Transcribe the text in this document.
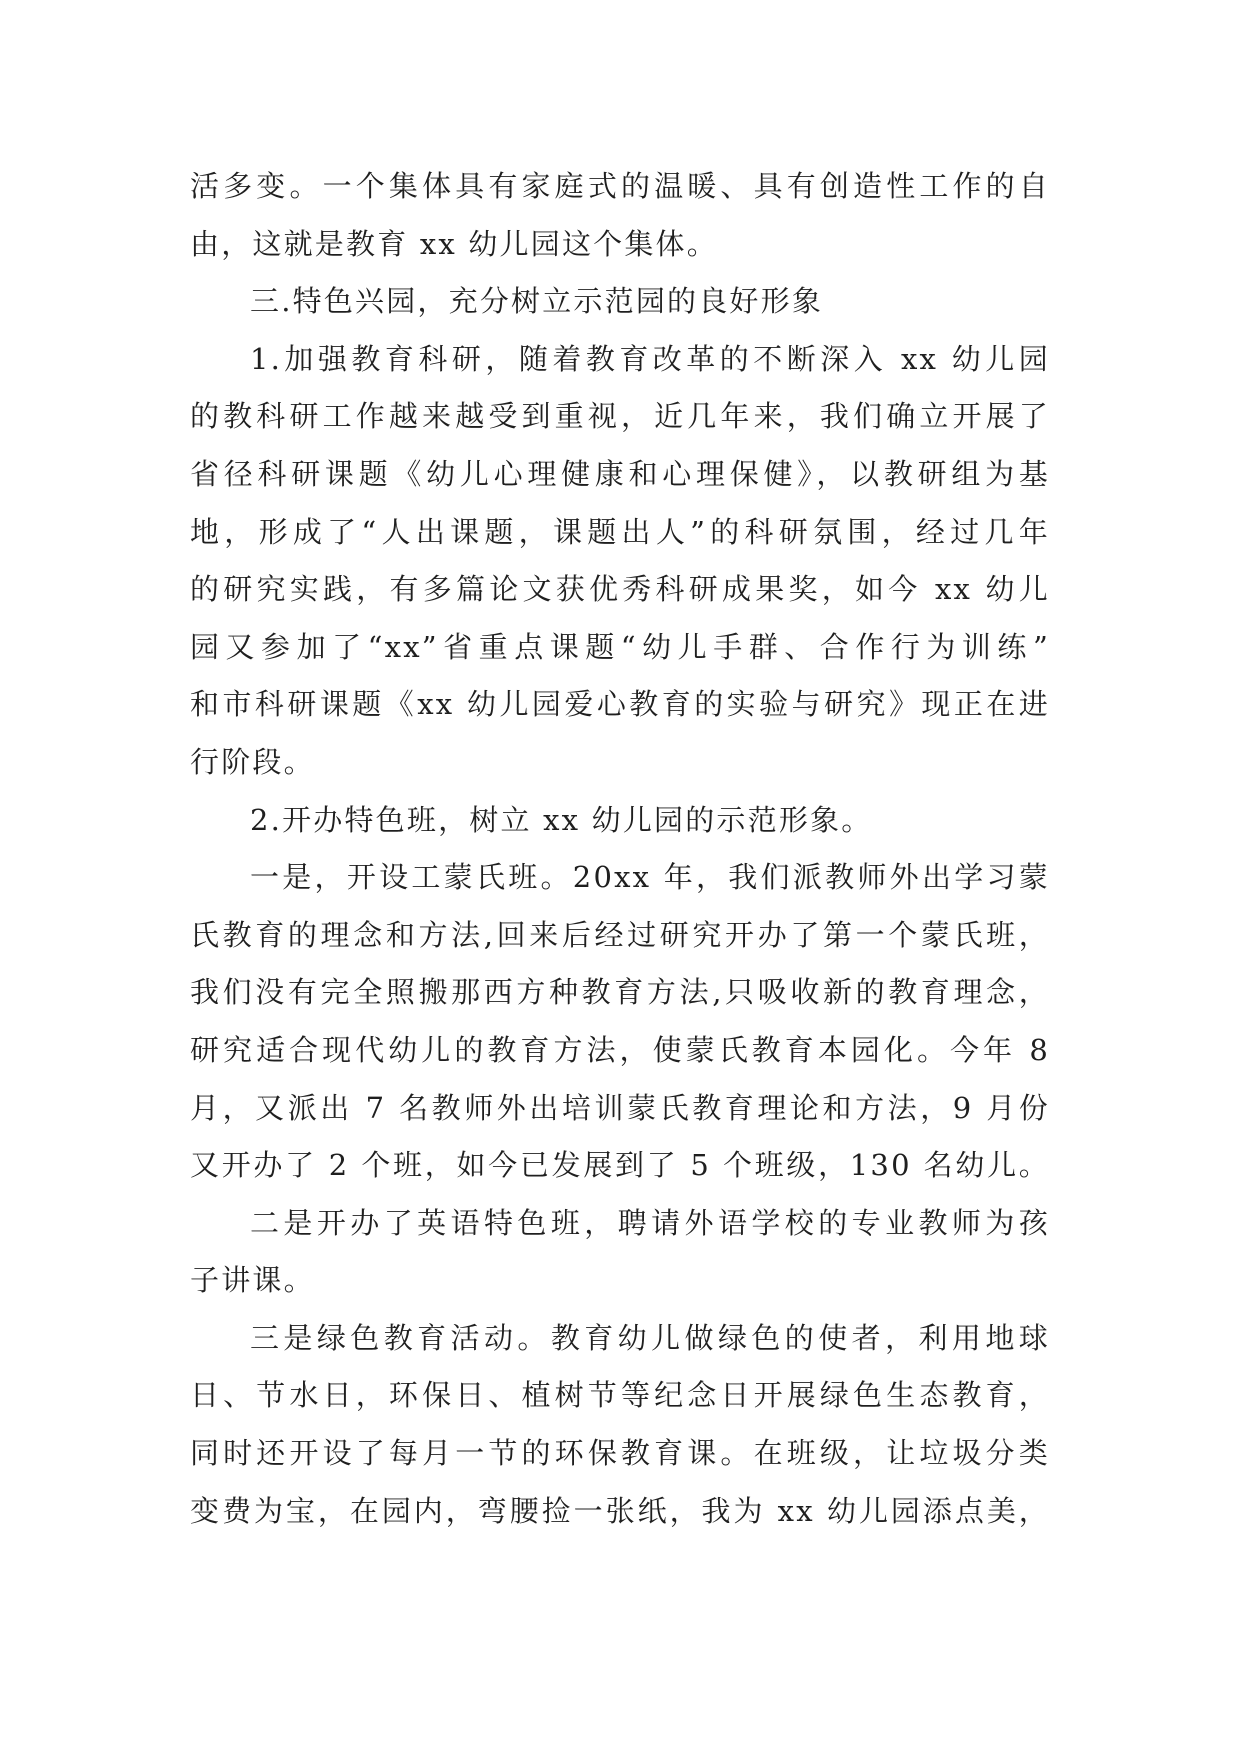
活多变。一个集体具有家庭式的温暖、具有创造性工作的自
由，这就是教育 xx 幼儿园这个集体。
三.特色兴园，充分树立示范园的良好形象
1.加强教育科研，随着教育改革的不断深入 xx 幼儿园
的教科研工作越来越受到重视，近几年来，我们确立开展了
省径科研课题《幼儿心理健康和心理保健》，以教研组为基
地，形成了“人出课题，课题出人”的科研氛围，经过几年
的研究实践，有多篇论文获优秀科研成果奖，如今 xx 幼儿
园又参加了“xx”省重点课题“幼儿手群、合作行为训练”
和市科研课题《xx 幼儿园爱心教育的实验与研究》现正在进
行阶段。
2.开办特色班，树立 xx 幼儿园的示范形象。
一是，开设工蒙氏班。20xx 年，我们派教师外出学习蒙
氏教育的理念和方法,回来后经过研究开办了第一个蒙氏班，
我们没有完全照搬那西方种教育方法,只吸收新的教育理念，
研究适合现代幼儿的教育方法，使蒙氏教育本园化。今年 8
月，又派出 7 名教师外出培训蒙氏教育理论和方法，9 月份
又开办了 2 个班，如今已发展到了 5 个班级，130 名幼儿。
二是开办了英语特色班，聘请外语学校的专业教师为孩
子讲课。
三是绿色教育活动。教育幼儿做绿色的使者，利用地球
日、节水日，环保日、植树节等纪念日开展绿色生态教育，
同时还开设了每月一节的环保教育课。在班级，让垃圾分类
变费为宝，在园内，弯腰捡一张纸，我为 xx 幼儿园添点美，
